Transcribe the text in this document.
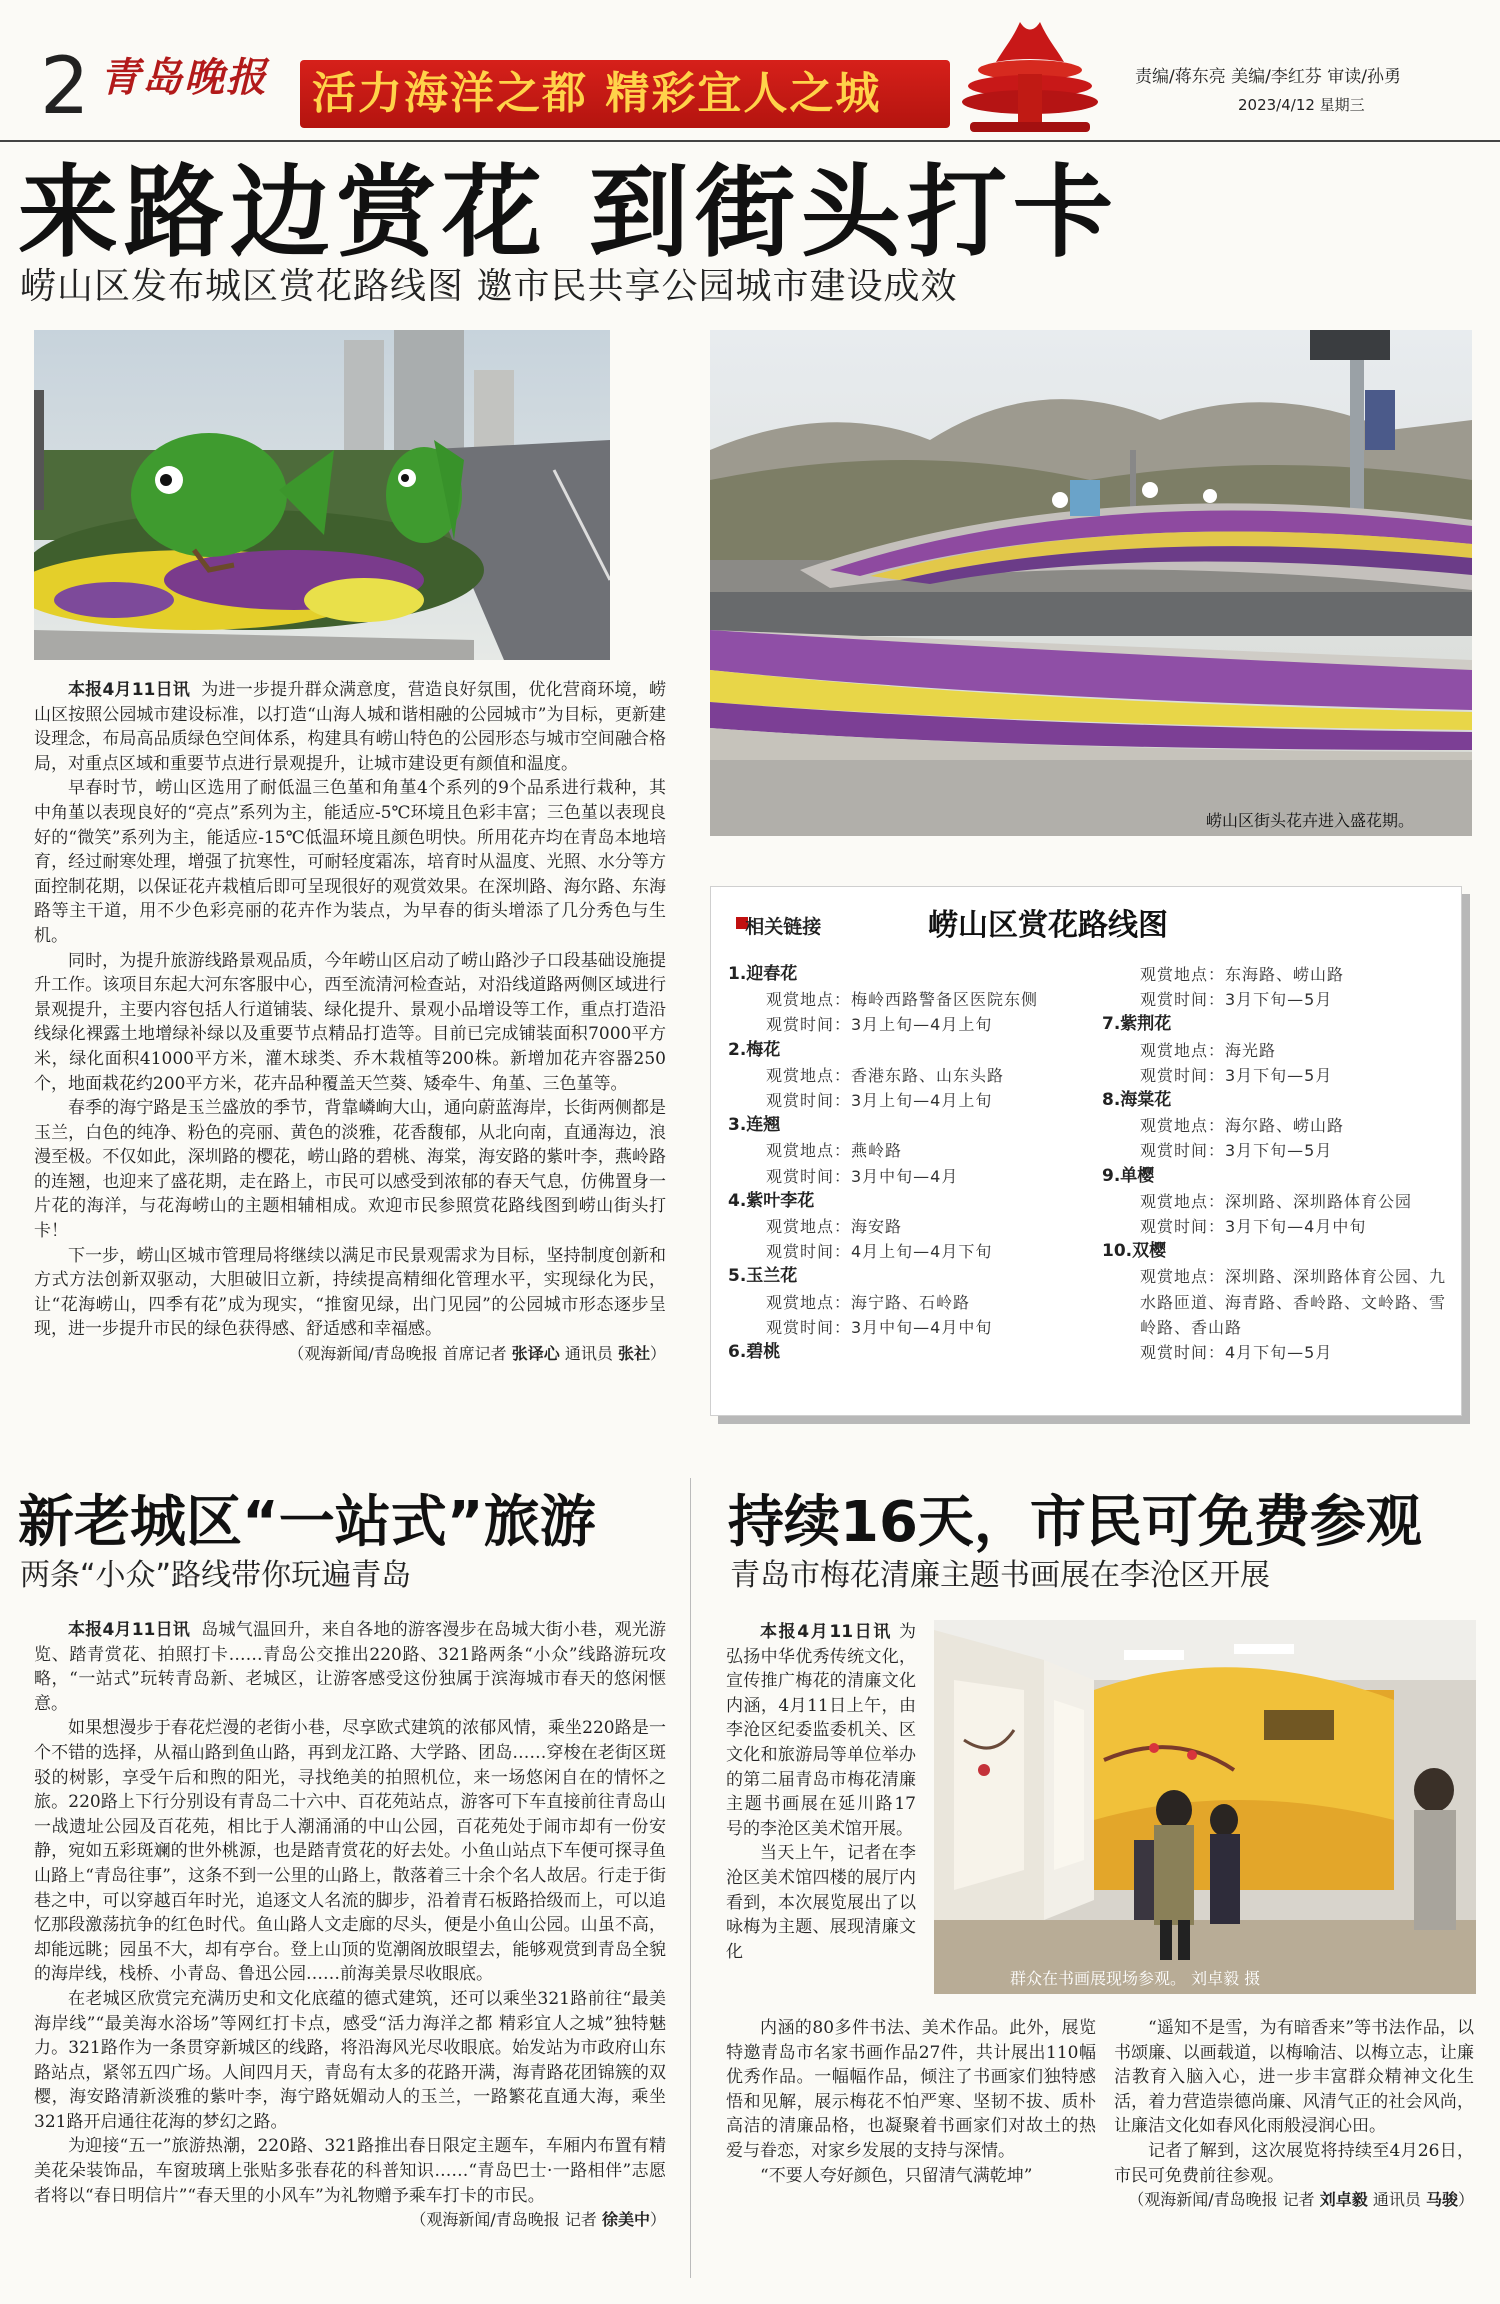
2 青岛晚报 活力海洋之都 精彩宜人之城	责编/蒋东亮 美编/李红芬 审读/孙勇
2023/4/12 星期三
来路边赏花 到街头打卡
崂山区发布城区赏花路线图 邀市民共享公园城市建设成效
崂山区街头花卉进入盛花期。

本报4月11日讯 为进一步提升群众满意度，营造良好氛围，优化营商环境，崂山区按照公园城市建设标准，以打造“山海人城和谐相融的公园城市”为目标，更新建设理念，布局高品质绿色空间体系，构建具有崂山特色的公园形态与城市空间融合格局，对重点区域和重要节点进行景观提升，让城市建设更有颜值和温度。

早春时节，崂山区选用了耐低温三色堇和角堇4个系列的9个品系进行栽种，其中角堇以表现良好的“亮点”系列为主，能适应-5℃环境且色彩丰富；三色堇以表现良好的“微笑”系列为主，能适应-15℃低温环境且颜色明快。所用花卉均在青岛本地培育，经过耐寒处理，增强了抗寒性，可耐轻度霜冻，培育时从温度、光照、水分等方面控制花期，以保证花卉栽植后即可呈现很好的观赏效果。在深圳路、海尔路、东海路等主干道，用不少色彩亮丽的花卉作为装点，为早春的街头增添了几分秀色与生机。

同时，为提升旅游线路景观品质，今年崂山区启动了崂山路沙子口段基础设施提升工作。该项目东起大河东客服中心，西至流清河检查站，对沿线道路两侧区域进行景观提升，主要内容包括人行道铺装、绿化提升、景观小品增设等工作，重点打造沿线绿化裸露土地增绿补绿以及重要节点精品打造等。目前已完成铺装面积7000平方米，绿化面积41000平方米，灌木球类、乔木栽植等200株。新增加花卉容器250个，地面栽花约200平方米，花卉品种覆盖天竺葵、矮牵牛、角堇、三色堇等。

春季的海宁路是玉兰盛放的季节，背靠嶙峋大山，通向蔚蓝海岸，长街两侧都是玉兰，白色的纯净、粉色的亮丽、黄色的淡雅，花香馥郁，从北向南，直通海边，浪漫至极。不仅如此，深圳路的樱花，崂山路的碧桃、海棠，海安路的紫叶李，燕岭路的连翘，也迎来了盛花期，走在路上，市民可以感受到浓郁的春天气息，仿佛置身一片花的海洋，与花海崂山的主题相辅相成。欢迎市民参照赏花路线图到崂山街头打卡！

下一步，崂山区城市管理局将继续以满足市民景观需求为目标，坚持制度创新和方式方法创新双驱动，大胆破旧立新，持续提高精细化管理水平，实现绿化为民，让“花海崂山，四季有花”成为现实，“推窗见绿，出门见园”的公园城市形态逐步呈现，进一步提升市民的绿色获得感、舒适感和幸福感。

（观海新闻/青岛晚报 首席记者 张译心 通讯员 张社）
相关链接	崂山区赏花路线图
1.迎春花
观赏地点：梅岭西路警备区医院东侧
观赏时间：3月上旬—4月上旬
2.梅花
观赏地点：香港东路、山东头路
观赏时间：3月上旬—4月上旬
3.连翘
观赏地点：燕岭路
观赏时间：3月中旬—4月
4.紫叶李花
观赏地点：海安路
观赏时间：4月上旬—4月下旬
5.玉兰花
观赏地点：海宁路、石岭路
观赏时间：3月中旬—4月中旬
6.碧桃
观赏地点：东海路、崂山路
观赏时间：3月下旬—5月
7.紫荆花
观赏地点：海光路
观赏时间：3月下旬—5月
8.海棠花
观赏地点：海尔路、崂山路
观赏时间：3月下旬—5月
9.单樱
观赏地点：深圳路、深圳路体育公园
观赏时间：3月下旬—4月中旬
10.双樱
观赏地点：深圳路、深圳路体育公园、九水路匝道、海青路、香岭路、文岭路、雪岭路、香山路
观赏时间：4月下旬—5月
新老城区“一站式”旅游
两条“小众”路线带你玩遍青岛

本报4月11日讯 岛城气温回升，来自各地的游客漫步在岛城大街小巷，观光游览、踏青赏花、拍照打卡……青岛公交推出220路、321路两条“小众”线路游玩攻略，“一站式”玩转青岛新、老城区，让游客感受这份独属于滨海城市春天的悠闲惬意。

如果想漫步于春花烂漫的老街小巷，尽享欧式建筑的浓郁风情，乘坐220路是一个不错的选择，从福山路到鱼山路，再到龙江路、大学路、团岛……穿梭在老街区斑驳的树影，享受午后和煦的阳光，寻找绝美的拍照机位，来一场悠闲自在的情怀之旅。220路上下行分别设有青岛二十六中、百花苑站点，游客可下车直接前往青岛山一战遗址公园及百花苑，相比于人潮涌涌的中山公园，百花苑处于闹市却有一份安静，宛如五彩斑斓的世外桃源，也是踏青赏花的好去处。小鱼山站点下车便可探寻鱼山路上“青岛往事”，这条不到一公里的山路上，散落着三十余个名人故居。行走于街巷之中，可以穿越百年时光，追逐文人名流的脚步，沿着青石板路拾级而上，可以追忆那段激荡抗争的红色时代。鱼山路人文走廊的尽头，便是小鱼山公园。山虽不高，却能远眺；园虽不大，却有亭台。登上山顶的览潮阁放眼望去，能够观赏到青岛全貌的海岸线，栈桥、小青岛、鲁迅公园……前海美景尽收眼底。

在老城区欣赏完充满历史和文化底蕴的德式建筑，还可以乘坐321路前往“最美海岸线”“最美海水浴场”等网红打卡点，感受“活力海洋之都 精彩宜人之城”独特魅力。321路作为一条贯穿新城区的线路，将沿海风光尽收眼底。始发站为市政府山东路站点，紧邻五四广场。人间四月天，青岛有太多的花路开满，海青路花团锦簇的双樱，海安路清新淡雅的紫叶李，海宁路妩媚动人的玉兰，一路繁花直通大海，乘坐321路开启通往花海的梦幻之路。

为迎接“五一”旅游热潮，220路、321路推出春日限定主题车，车厢内布置有精美花朵装饰品，车窗玻璃上张贴多张春花的科普知识……“青岛巴士·一路相伴”志愿者将以“春日明信片”“春天里的小风车”为礼物赠予乘车打卡的市民。

（观海新闻/青岛晚报 记者 徐美中）
持续16天，市民可免费参观
青岛市梅花清廉主题书画展在李沧区开展

本报4月11日讯 为弘扬中华优秀传统文化，宣传推广梅花的清廉文化内涵，4月11日上午，由李沧区纪委监委机关、区文化和旅游局等单位举办的第二届青岛市梅花清廉主题书画展在延川路17号的李沧区美术馆开展。

当天上午，记者在李沧区美术馆四楼的展厅内看到，本次展览展出了以咏梅为主题、展现清廉文化

群众在书画展现场参观。 刘卓毅 摄

内涵的80多件书法、美术作品。此外，展览特邀青岛市名家书画作品27件，共计展出110幅优秀作品。一幅幅作品，倾注了书画家们独特感悟和见解，展示梅花不怕严寒、坚韧不拔、质朴高洁的清廉品格，也凝聚着书画家们对故土的热爱与眷恋，对家乡发展的支持与深情。

“不要人夸好颜色，只留清气满乾坤”

“遥知不是雪，为有暗香来”等书法作品，以书颂廉、以画载道，以梅喻洁、以梅立志，让廉洁教育入脑入心，进一步丰富群众精神文化生活，着力营造崇德尚廉、风清气正的社会风尚，让廉洁文化如春风化雨般浸润心田。

记者了解到，这次展览将持续至4月26日，市民可免费前往参观。

（观海新闻/青岛晚报 记者 刘卓毅 通讯员 马骏）
